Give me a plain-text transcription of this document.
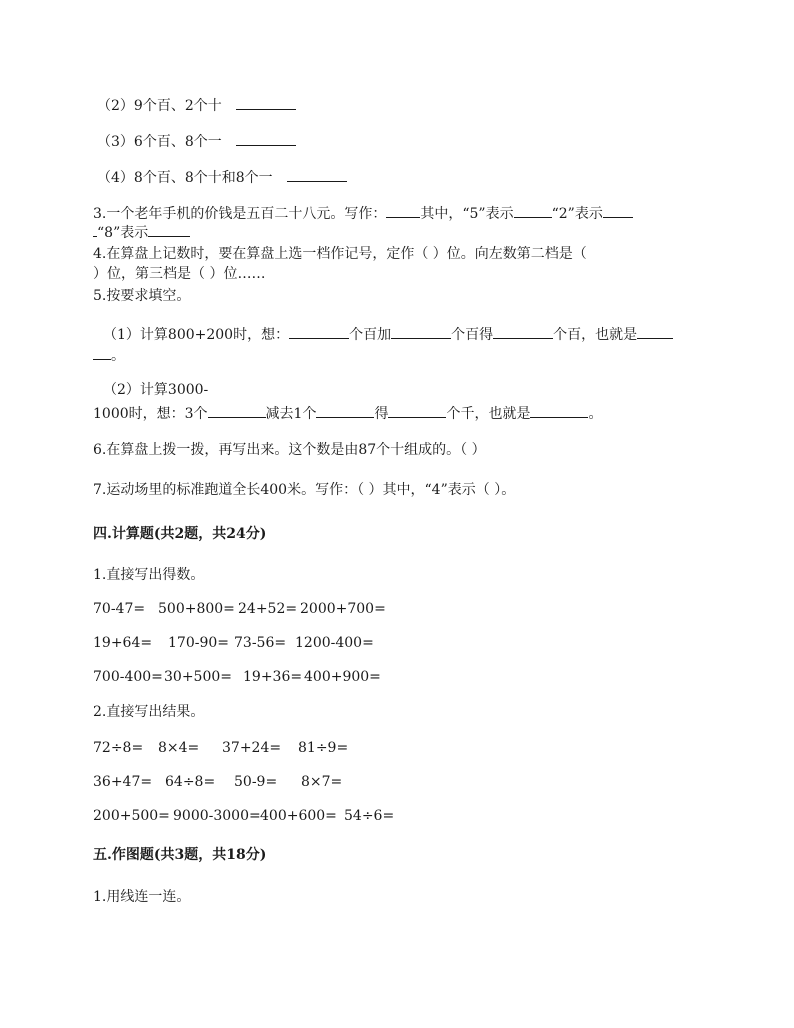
（2）9个百、2个十
（3）6个百、8个一
（4）8个百、8个十和8个一
3.一个老年手机的价钱是五百二十八元。写作： 其中，“5”表示	“2”表示
“8”表示
4.在算盘上记数时，要在算盘上选一档作记号，定作（ ）位。向左数第二档是（
）位，第三档是（ ）位……
5.按要求填空。
（1）计算800+200时，想：	个百加	个百得	个百，也就是
。
（2）计算3000-
1000时，想：3个	减去1个	得	个千，也就是	。
6.在算盘上拨一拨，再写出来。这个数是由87个十组成的。（ ）
7.运动场里的标准跑道全长400米。写作：（ ）其中，“4”表示（ ）。
四.计算题(共2题，共24分)
1.直接写出得数。
70-47= 500+800= 24+52= 2000+700=
19+64= 170-90= 73-56= 1200-400=
700-400= 30+500= 19+36= 400+900=
2.直接写出结果。
72÷8= 8×4= 37+24= 81÷9=
36+47= 64÷8= 50-9= 8×7=
200+500= 9000-3000= 400+600= 54÷6=
五.作图题(共3题，共18分)
1.用线连一连。
